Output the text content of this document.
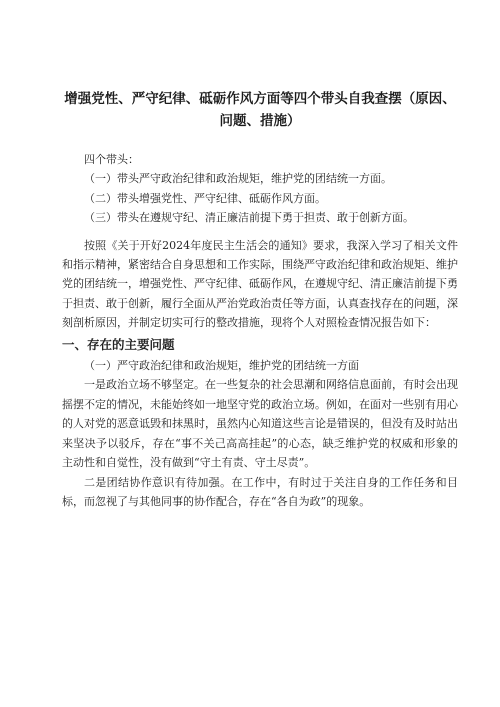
增强党性、严守纪律、砥砺作风方面等四个带头自我查摆（原因、
问题、措施）

四个带头：

（一）带头严守政治纪律和政治规矩，维护党的团结统一方面。

（二）带头增强党性、严守纪律、砥砺作风方面。

（三）带头在遵规守纪、清正廉洁前提下勇于担责、敢于创新方面。

按照《关于开好2024年度民主生活会的通知》要求，我深入学习了相关文件和指示精神，紧密结合自身思想和工作实际，围绕严守政治纪律和政治规矩、维护党的团结统一，增强党性、严守纪律、砥砺作风，在遵规守纪、清正廉洁前提下勇于担责、敢于创新，履行全面从严治党政治责任等方面，认真查找存在的问题，深刻剖析原因，并制定切实可行的整改措施，现将个人对照检查情况报告如下：

一、存在的主要问题

（一）严守政治纪律和政治规矩，维护党的团结统一方面

一是政治立场不够坚定。在一些复杂的社会思潮和网络信息面前，有时会出现摇摆不定的情况，未能始终如一地坚守党的政治立场。例如，在面对一些别有用心的人对党的恶意诋毁和抹黑时，虽然内心知道这些言论是错误的，但没有及时站出来坚决予以驳斥，存在“事不关己高高挂起”的心态，缺乏维护党的权威和形象的主动性和自觉性，没有做到“守土有责、守土尽责”。

二是团结协作意识有待加强。在工作中，有时过于关注自身的工作任务和目标，而忽视了与其他同事的协作配合，存在“各自为政”的现象。
